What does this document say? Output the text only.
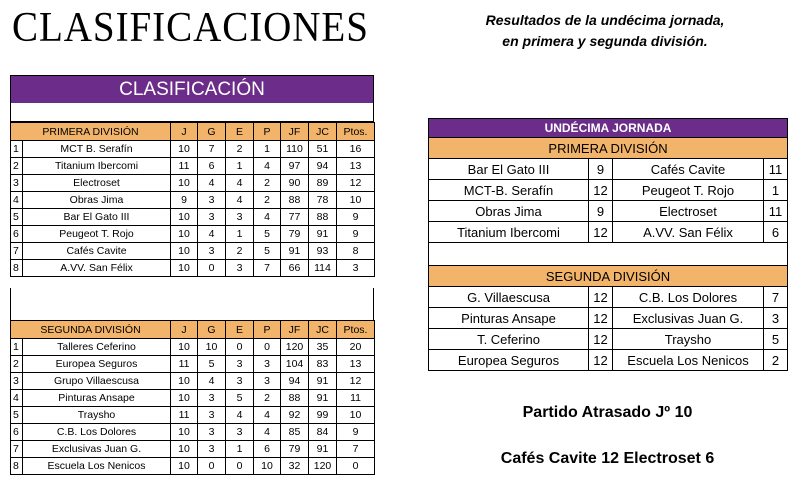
CLASIFICACIONES	Resultados de la undécima jornada,
en primera y segunda división.
CLASIFICACIÓN
PRIMERA DIVISIÓN		J	G	E	P	JF	JC	Ptos.
1	MCT B. Serafín	10	7	2	1	110	51	16
2	Titanium Ibercomi	11	6	1	4	97	94	13
3	Electroset	10	4	4	2	90	89	12
4	Obras Jima	9	3	4	2	88	78	10
5	Bar El Gato III	10	3	3	4	77	88	9
6	Peugeot T. Rojo	10	4	1	5	79	91	9
7	Cafés Cavite	10	3	2	5	91	93	8
8	A.VV. San Félix	10	0	3	7	66	114	3
SEGUNDA DIVISIÓN		J	G	E	P	JF	JC	Ptos.
1	Talleres Ceferino	10	10	0	0	120	35	20
2	Europea Seguros	11	5	3	3	104	83	13
3	Grupo Villaescusa	10	4	3	3	94	91	12
4	Pinturas Ansape	10	3	5	2	88	91	11
5	Traysho	11	3	4	4	92	99	10
6	C.B. Los Dolores	10	3	3	4	85	84	9
7	Exclusivas Juan G.	10	3	1	6	79	91	7
8	Escuela Los Nenicos	10	0	0	10	32	120	0
UNDÉCIMA JORNADA			
PRIMERA DIVISIÓN			
Bar El Gato III	9	Cafés Cavite	11
MCT-B. Serafín	12	Peugeot T. Rojo	1
Obras Jima	9	Electroset	11
Titanium Ibercomi	12	A.VV. San Félix	6

SEGUNDA DIVISIÓN			
G. Villaescusa	12	C.B. Los Dolores	7
Pinturas Ansape	12	Exclusivas Juan G.	3
T. Ceferino	12	Traysho	5
Europea Seguros	12	Escuela Los Nenicos	2
Partido Atrasado Jº 10
Cafés Cavite 12 Electroset 6
